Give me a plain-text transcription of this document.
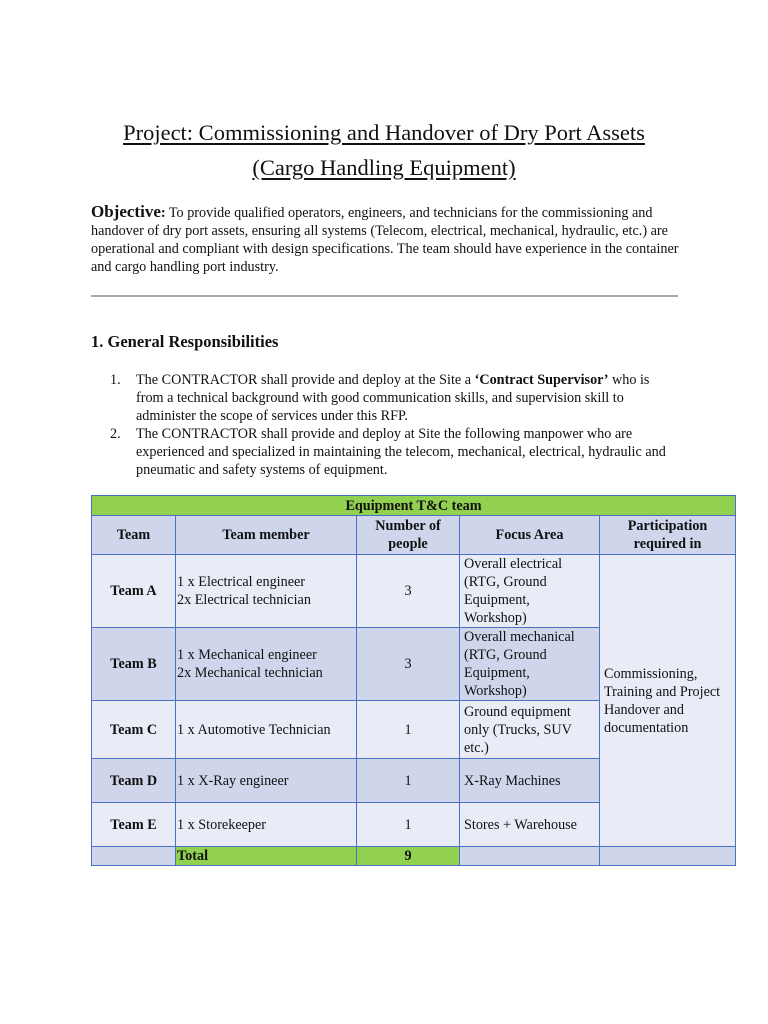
Project: Commissioning and Handover of Dry Port Assets
(Cargo Handling Equipment)
Objective: To provide qualified operators, engineers, and technicians for the commissioning and handover of dry port assets, ensuring all systems (Telecom, electrical, mechanical, hydraulic, etc.) are operational and compliant with design specifications. The team should have experience in the container and cargo handling port industry.
1. General Responsibilities
1. The CONTRACTOR shall provide and deploy at the Site a ‘Contract Supervisor’ who is from a technical background with good communication skills, and supervision skill to administer the scope of services under this RFP.
2. The CONTRACTOR shall provide and deploy at Site the following manpower who are experienced and specialized in maintaining the telecom, mechanical, electrical, hydraulic and pneumatic and safety systems of equipment.
Equipment T&C team				
Team	Team member	Number of people	Focus Area	Participation required in
Team A	1 x Electrical engineer
2x Electrical technician	3	Overall electrical (RTG, Ground Equipment, Workshop)	Commissioning, Training and Project Handover and documentation
Team B	1 x Mechanical engineer
2x Mechanical technician	3	Overall mechanical (RTG, Ground Equipment, Workshop)	
Team C	1 x Automotive Technician	1	Ground equipment only (Trucks, SUV etc.)	
Team D	1 x X-Ray engineer	1	X-Ray Machines	
Team E	1 x Storekeeper	1	Stores + Warehouse	
	Total	9		
